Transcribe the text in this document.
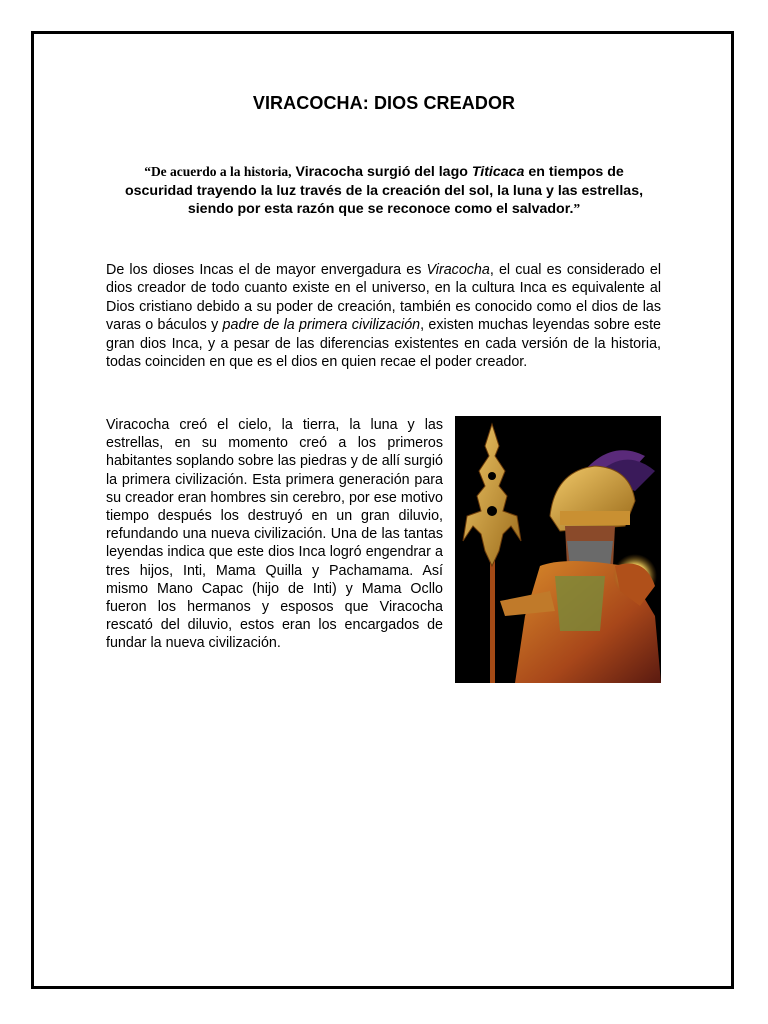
VIRACOCHA: DIOS CREADOR
“De acuerdo a la historia, Viracocha surgió del lago Titicaca en tiempos de oscuridad trayendo la luz través de la creación del sol, la luna y las estrellas, siendo por esta razón que se reconoce como el salvador.”
De los dioses Incas el de mayor envergadura es Viracocha, el cual es considerado el dios creador de todo cuanto existe en el universo, en la cultura Inca es equivalente al Dios cristiano debido a su poder de creación, también es conocido como el dios de las varas o báculos y padre de la primera civilización, existen muchas leyendas sobre este gran dios Inca, y a pesar de las diferencias existentes en cada versión de la historia, todas coinciden en que es el dios en quien recae el poder creador.
Viracocha creó el cielo, la tierra, la luna y las estrellas, en su momento creó a los primeros habitantes soplando sobre las piedras y de allí surgió la primera civilización. Esta primera generación para su creador eran hombres sin cerebro, por ese motivo tiempo después los destruyó en un gran diluvio, refundando una nueva civilización. Una de las tantas leyendas indica que este dios Inca logró engendrar a tres hijos, Inti, Mama Quilla y Pachamama. Así mismo Mano Capac (hijo de Inti) y Mama Ocllo fueron los hermanos y esposos que Viracocha rescató del diluvio, estos eran los encargados de fundar la nueva civilización.
